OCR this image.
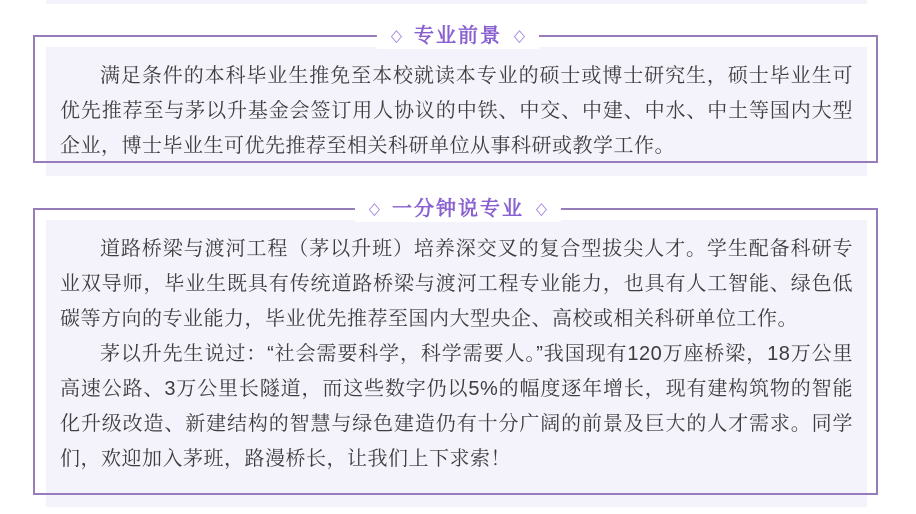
满足条件的本科毕业生推免至本校就读本专业的硕士或博士研究生，硕士毕业生可优先推荐至与茅以升基金会签订用人协议的中铁、中交、中建、中水、中土等国内大型企业，博士毕业生可优先推荐至相关科研单位从事科研或教学工作。

◇ 专业前景 ◇

道路桥梁与渡河工程（茅以升班）培养深交叉的复合型拔尖人才。学生配备科研专业双导师，毕业生既具有传统道路桥梁与渡河工程专业能力，也具有人工智能、绿色低碳等方向的专业能力，毕业优先推荐至国内大型央企、高校或相关科研单位工作。

茅以升先生说过：“社会需要科学，科学需要人。”我国现有120万座桥梁，18万公里高速公路、3万公里长隧道，而这些数字仍以5%的幅度逐年增长，现有建构筑物的智能化升级改造、新建结构的智慧与绿色建造仍有十分广阔的前景及巨大的人才需求。同学们，欢迎加入茅班，路漫桥长，让我们上下求索！

◇ 一分钟说专业 ◇
